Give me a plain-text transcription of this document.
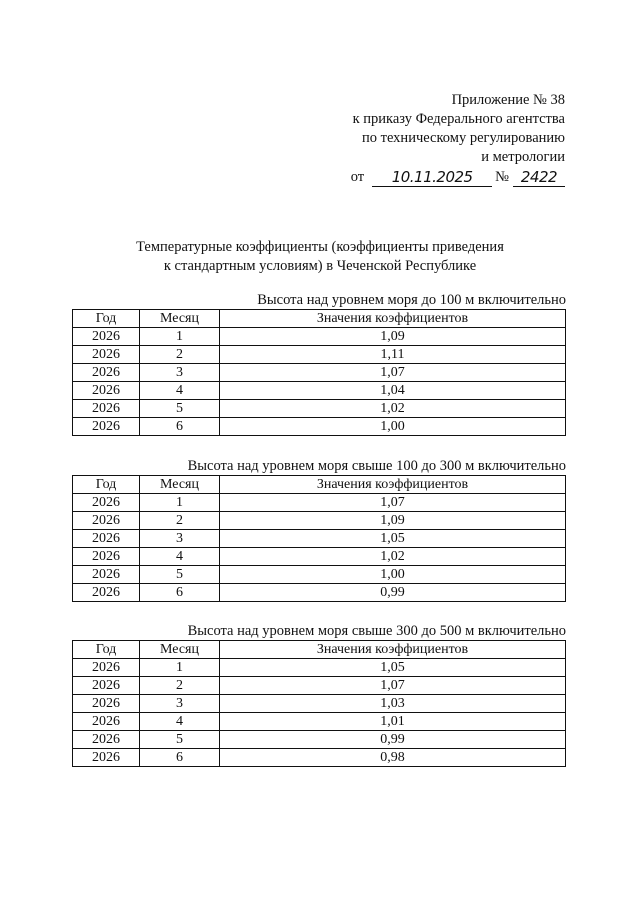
Приложение № 38
к приказу Федерального агентства
по техническому регулированию
и метрологии
от	10.11.2025	№ 2422
Температурные коэффициенты (коэффициенты приведения
к стандартным условиям) в Чеченской Республике
Высота над уровнем моря до 100 м включительно
Год	Месяц	Значения коэффициентов
2026	1	1,09
2026	2	1,11
2026	3	1,07
2026	4	1,04
2026	5	1,02
2026	6	1,00
Высота над уровнем моря свыше 100 до 300 м включительно
Год	Месяц	Значения коэффициентов
2026	1	1,07
2026	2	1,09
2026	3	1,05
2026	4	1,02
2026	5	1,00
2026	6	0,99
Высота над уровнем моря свыше 300 до 500 м включительно
Год	Месяц	Значения коэффициентов
2026	1	1,05
2026	2	1,07
2026	3	1,03
2026	4	1,01
2026	5	0,99
2026	6	0,98
